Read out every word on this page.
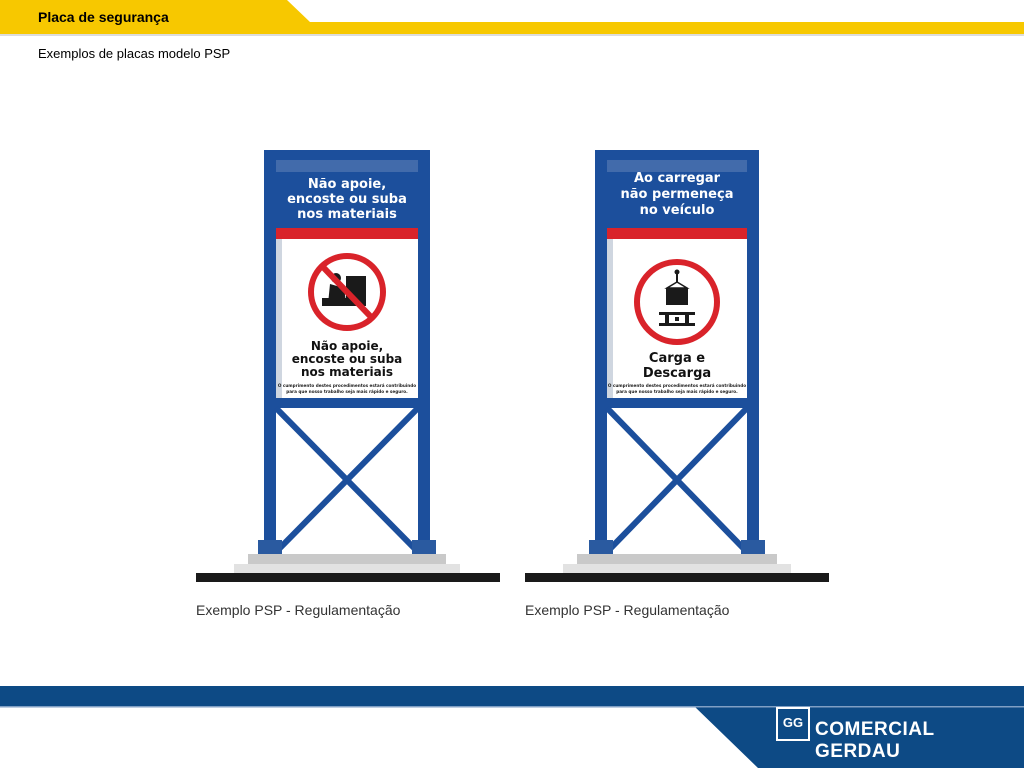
Placa de segurança
Exemplos de placas modelo PSP
Não apoie,
encoste ou suba
nos materiais
Não apoie,
encoste ou suba
nos materiais
O cumprimento destes procedimentos estará contribuindo
para que nosso trabalho seja mais rápido e seguro.
Exemplo PSP - Regulamentação
Ao carregar
não permeneça
no veículo
Carga e
Descarga
O cumprimento destes procedimentos estará contribuindo
para que nosso trabalho seja mais rápido e seguro.
Exemplo PSP - Regulamentação
GG COMERCIAL GERDAU
